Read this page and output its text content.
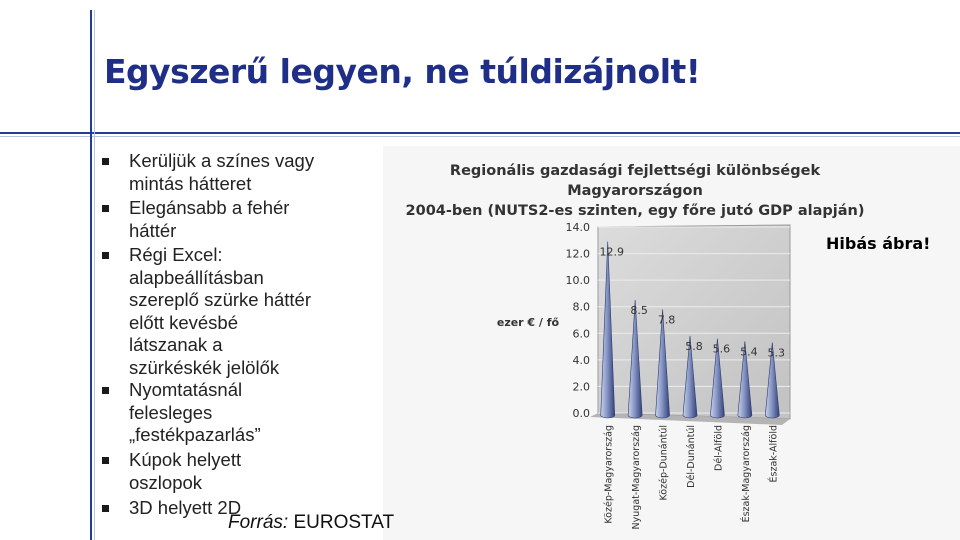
Egyszerű legyen, ne túldizájnolt!
Kerüljük a színes vagy
mintás hátteret
Elegánsabb a fehér
háttér
Régi Excel:
alapbeállításban
szereplő szürke háttér
előtt kevésbé
látszanak a
szürkéskék jelölők
Nyomtatásnál
felesleges
„festékpazarlás”
Kúpok helyett
oszlopok
3D helyett 2D
Regionális gazdasági fejlettségi különbségek Magyarországon
2004-ben (NUTS2-es szinten, egy főre jutó GDP alapján)
Hibás ábra!
0.0
2.0
4.0
6.0
8.0
10.0
12.0
14.0
ezer € / fő
12.9
Közép-Magyarország
8.5
Nyugat-Magyarország
7.8
Közép-Dunántúl
5.8
Dél-Dunántúl
5.6
Dél-Alföld
5.4
Észak-Magyarország
5.3
Észak-Alföld
Forrás: EUROSTAT
